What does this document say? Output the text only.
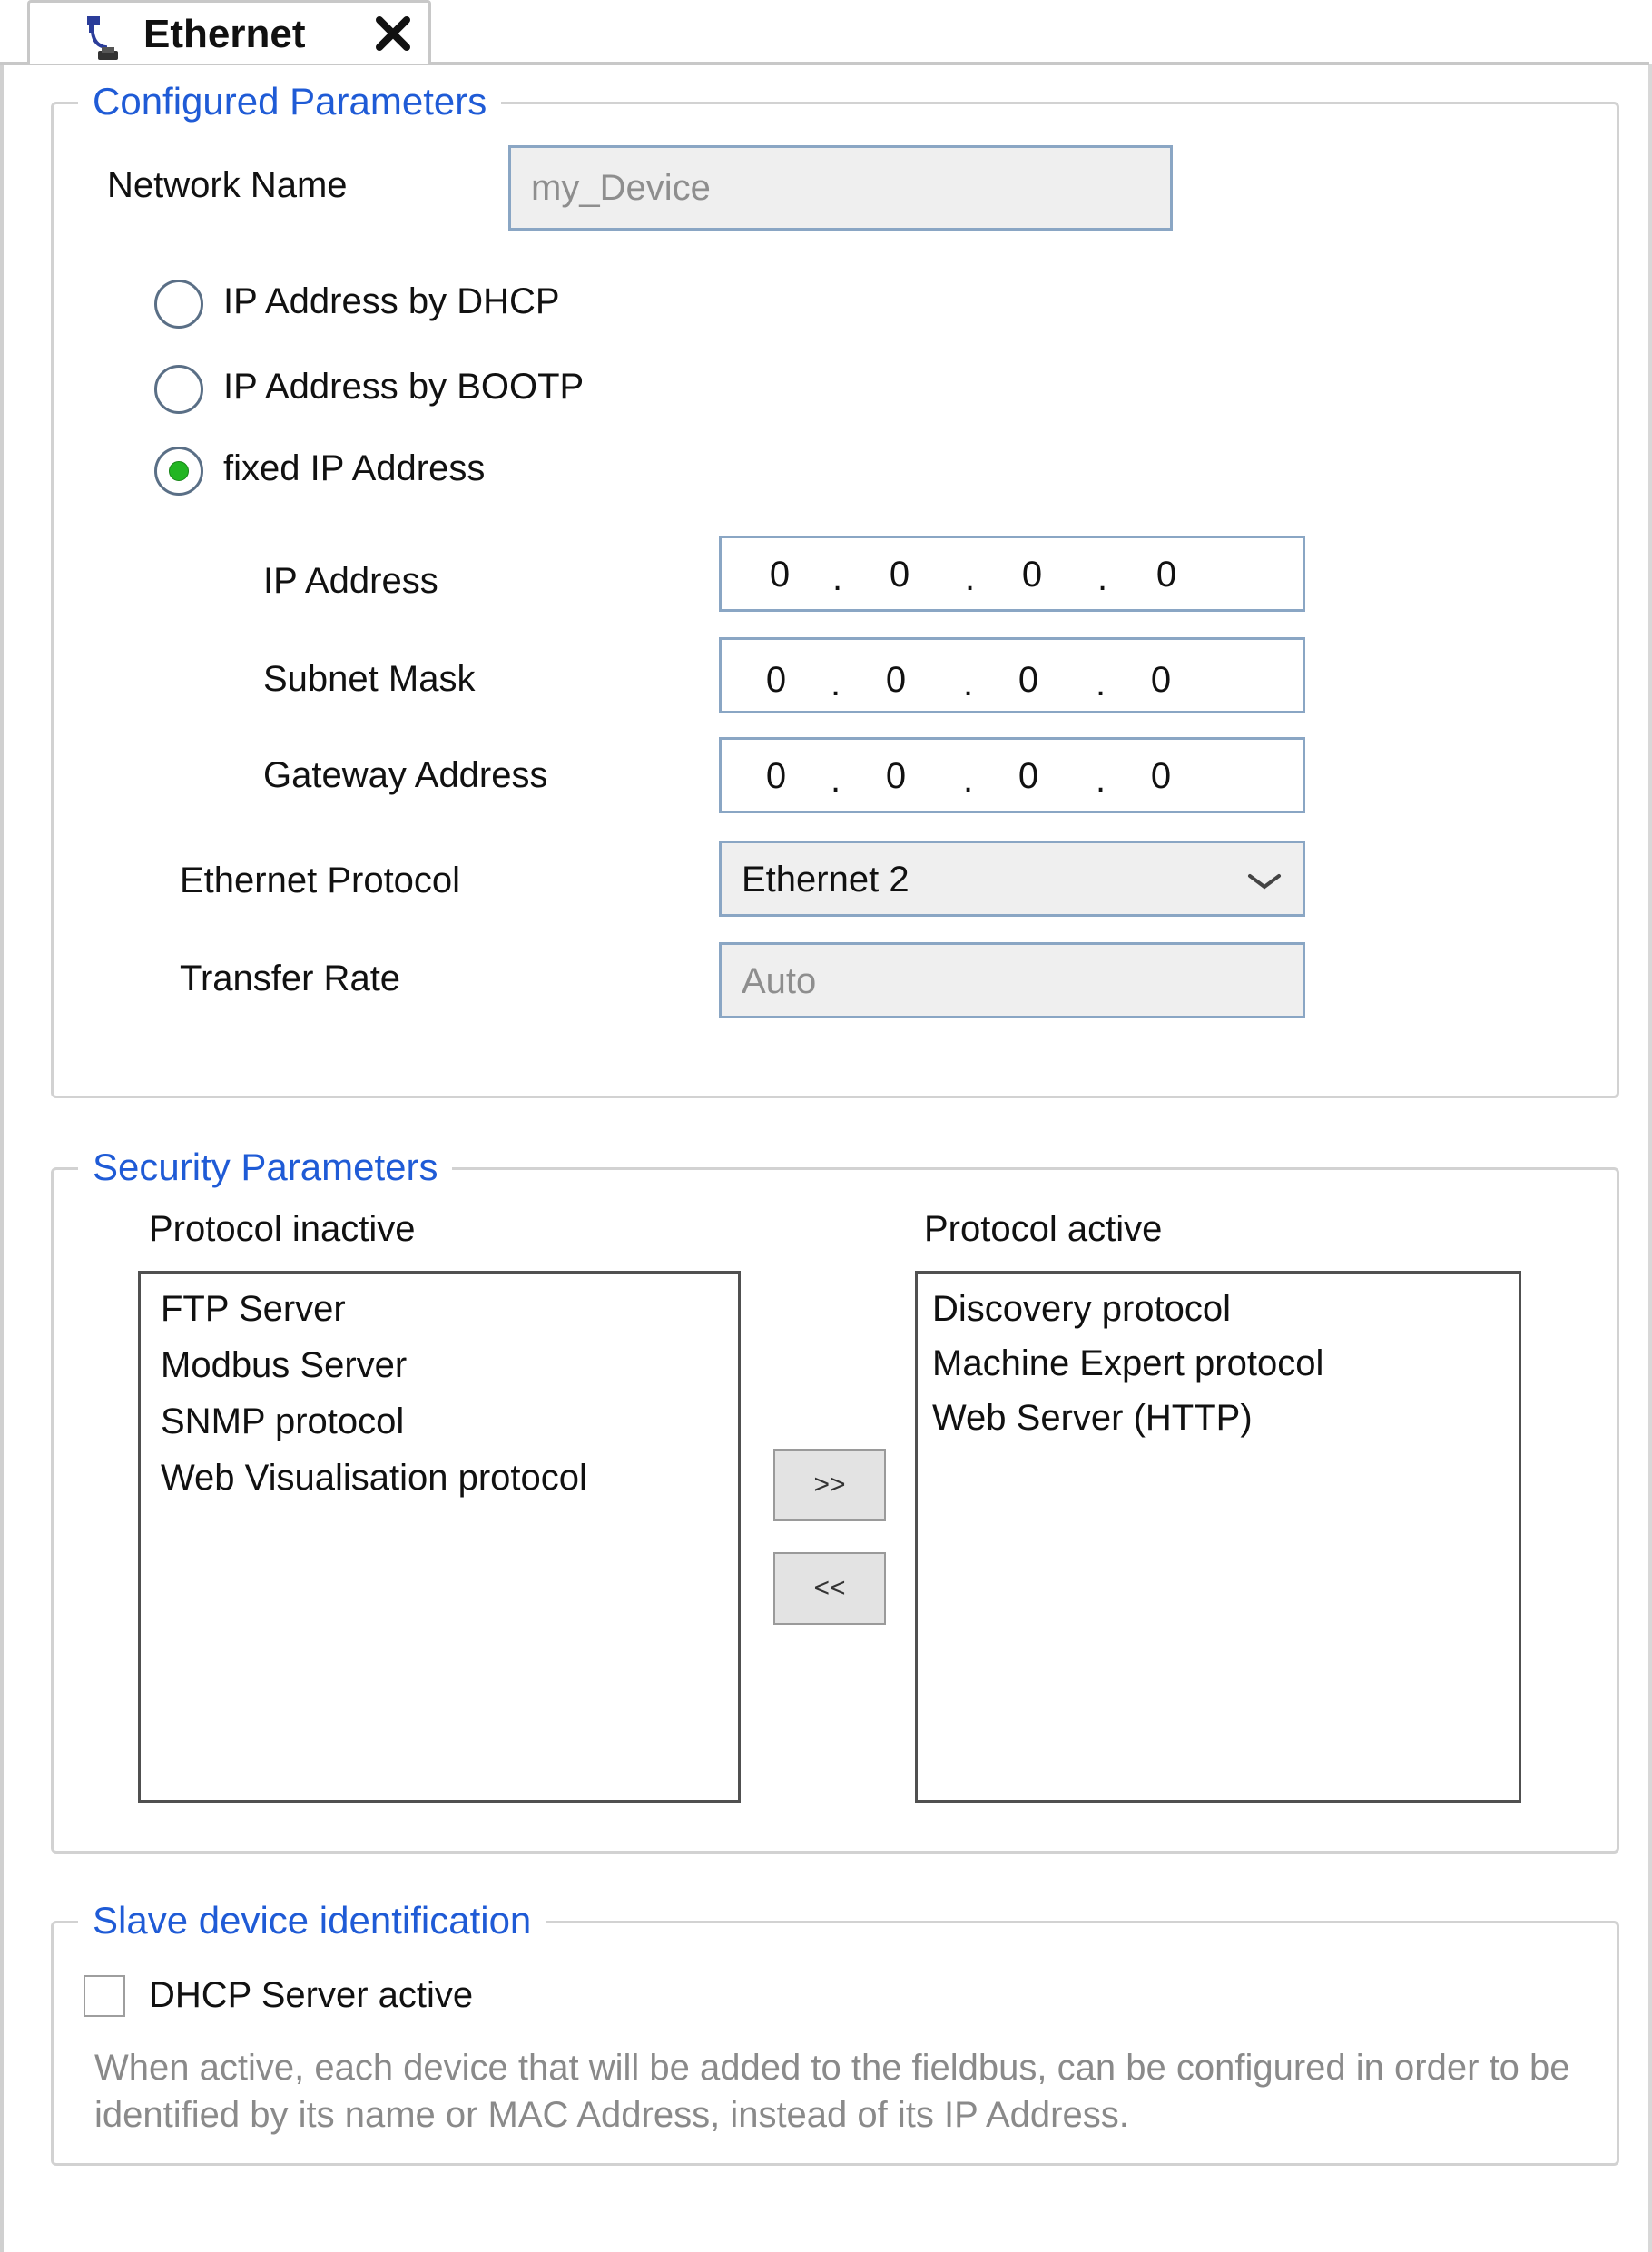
Ethernet
Configured Parameters
Network Name	my_Device
IP Address by DHCP
IP Address by BOOTP
fixed IP Address
IP Address	0	.	0	.	0	.	0
Subnet Mask	0	.	0	.	0	.	0
Gateway Address	0	.	0	.	0	.	0
Ethernet Protocol	Ethernet 2
Transfer Rate	Auto
Security Parameters
Protocol inactive	Protocol active
FTP Server
Modbus Server
SNMP protocol
Web Visualisation protocol	>>
<<
Discovery protocol
Machine Expert protocol
Web Server (HTTP)
Slave device identification
DHCP Server active
When active, each device that will be added to the fieldbus, can be configured in order to be identified by its name or MAC Address, instead of its IP Address.
